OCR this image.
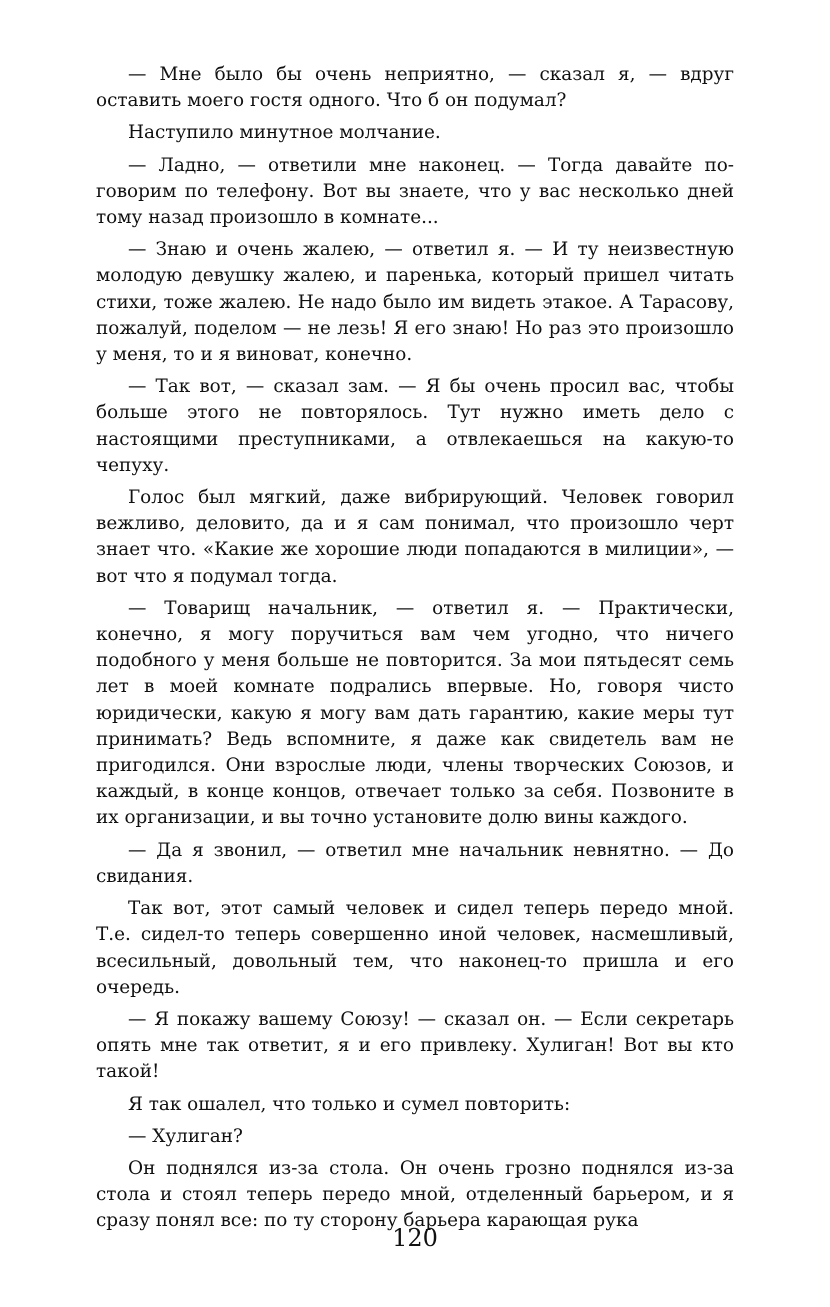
— Мне было бы очень неприятно, — сказал я, — вдруг оставить моего гостя одного. Что б он подумал?

Наступило минутное молчание.

— Ладно, — ответили мне наконец. — Тогда давайте поговорим по телефону. Вот вы знаете, что у вас несколько дней тому назад произошло в комнате...

— Знаю и очень жалею, — ответил я. — И ту неизвестную молодую девушку жалею, и паренька, который пришел читать стихи, тоже жалею. Не надо было им видеть этакое. А Тарасову, пожалуй, поделом — не лезь! Я его знаю! Но раз это произошло у меня, то и я виноват, конечно.

— Так вот, — сказал зам. — Я бы очень просил вас, чтобы больше этого не повторялось. Тут нужно иметь дело с настоящими преступниками, а отвлекаешься на какую-то чепуху.

Голос был мягкий, даже вибрирующий. Человек говорил вежливо, деловито, да и я сам понимал, что произошло черт знает что. «Какие же хорошие люди попадаются в милиции», — вот что я подумал тогда.

— Товарищ начальник, — ответил я. — Практически, конечно, я могу поручиться вам чем угодно, что ничего подобного у меня больше не повторится. За мои пятьдесят семь лет в моей комнате подрались впервые. Но, говоря чисто юридически, какую я могу вам дать гарантию, какие меры тут принимать? Ведь вспомните, я даже как свидетель вам не пригодился. Они взрослые люди, члены творческих Союзов, и каждый, в конце концов, отвечает только за себя. Позвоните в их организации, и вы точно установите долю вины каждого.

— Да я звонил, — ответил мне начальник невнятно. — До свидания.

Так вот, этот самый человек и сидел теперь передо мной. Т.е. сидел-то теперь совершенно иной человек, насмешливый, всесильный, довольный тем, что наконец-то пришла и его очередь.

— Я покажу вашему Союзу! — сказал он. — Если секретарь опять мне так ответит, я и его привлеку. Хулиган! Вот вы кто такой!

Я так ошалел, что только и сумел повторить:

— Хулиган?

Он поднялся из-за стола. Он очень грозно поднялся из-за стола и стоял теперь передо мной, отделенный барьером, и я сразу понял все: по ту сторону барьера карающая рука

120
